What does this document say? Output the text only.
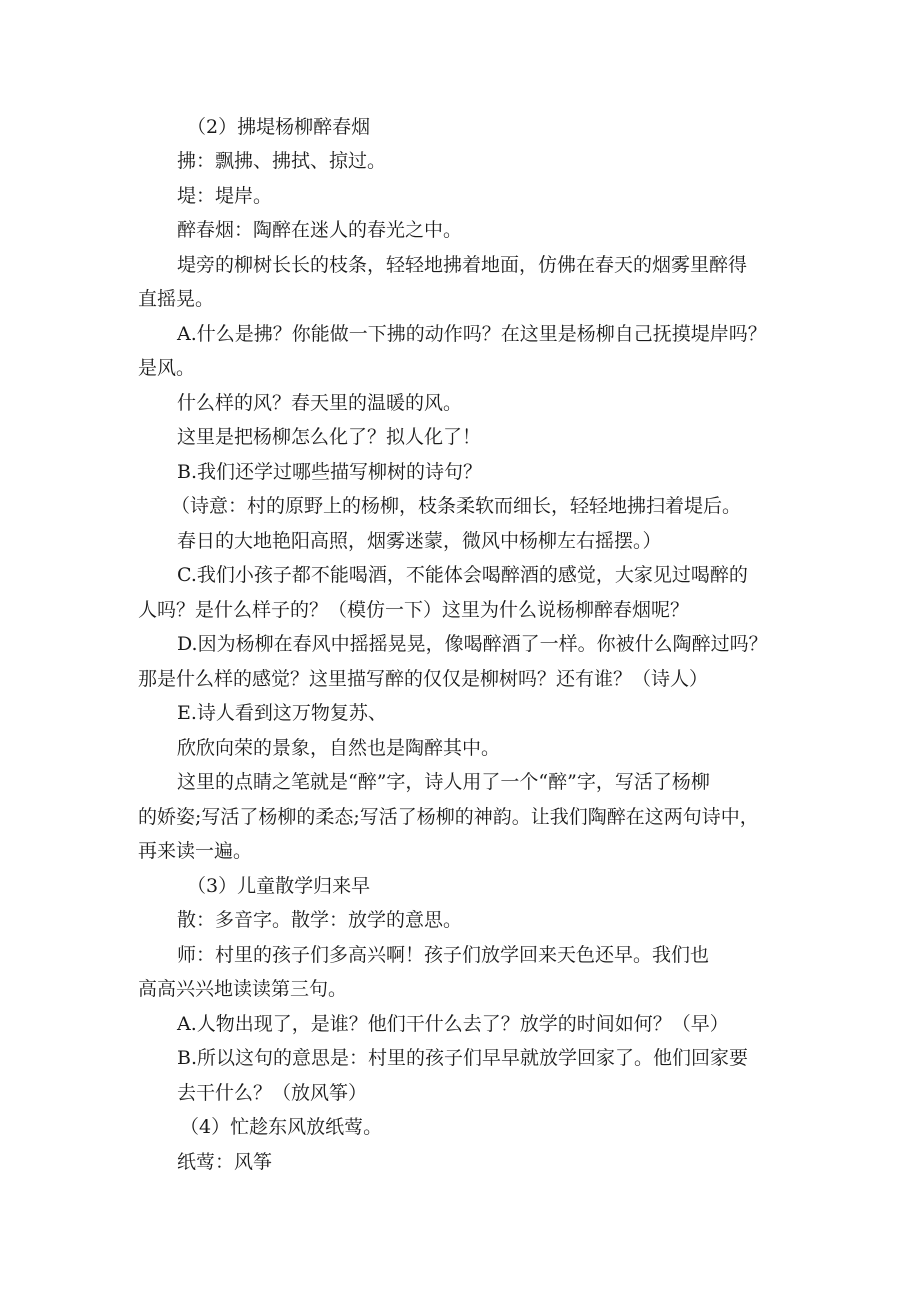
（2）拂堤杨柳醉春烟
拂：飘拂、拂拭、掠过。
堤：堤岸。
醉春烟：陶醉在迷人的春光之中。
堤旁的柳树长长的枝条，轻轻地拂着地面，仿佛在春天的烟雾里醉得
直摇晃。
A.什么是拂？你能做一下拂的动作吗？在这里是杨柳自己抚摸堤岸吗？
是风。
什么样的风？春天里的温暖的风。
这里是把杨柳怎么化了？拟人化了！
B.我们还学过哪些描写柳树的诗句？
（诗意：村的原野上的杨柳，枝条柔软而细长，轻轻地拂扫着堤后。
春日的大地艳阳高照，烟雾迷蒙，微风中杨柳左右摇摆。）
C.我们小孩子都不能喝酒，不能体会喝醉酒的感觉，大家见过喝醉的
人吗？是什么样子的？（模仿一下）这里为什么说杨柳醉春烟呢？
D.因为杨柳在春风中摇摇晃晃，像喝醉酒了一样。你被什么陶醉过吗？
那是什么样的感觉？这里描写醉的仅仅是柳树吗？还有谁？（诗人）
E.诗人看到这万物复苏、
欣欣向荣的景象，自然也是陶醉其中。
这里的点睛之笔就是“醉”字，诗人用了一个“醉”字，写活了杨柳
的娇姿;写活了杨柳的柔态;写活了杨柳的神韵。让我们陶醉在这两句诗中，
再来读一遍。
（3）儿童散学归来早
散：多音字。散学：放学的意思。
师：村里的孩子们多高兴啊！孩子们放学回来天色还早。我们也
高高兴兴地读读第三句。
A.人物出现了，是谁？他们干什么去了？放学的时间如何？（早）
B.所以这句的意思是：村里的孩子们早早就放学回家了。他们回家要
去干什么？（放风筝）
（4）忙趁东风放纸莺。
纸莺：风筝
